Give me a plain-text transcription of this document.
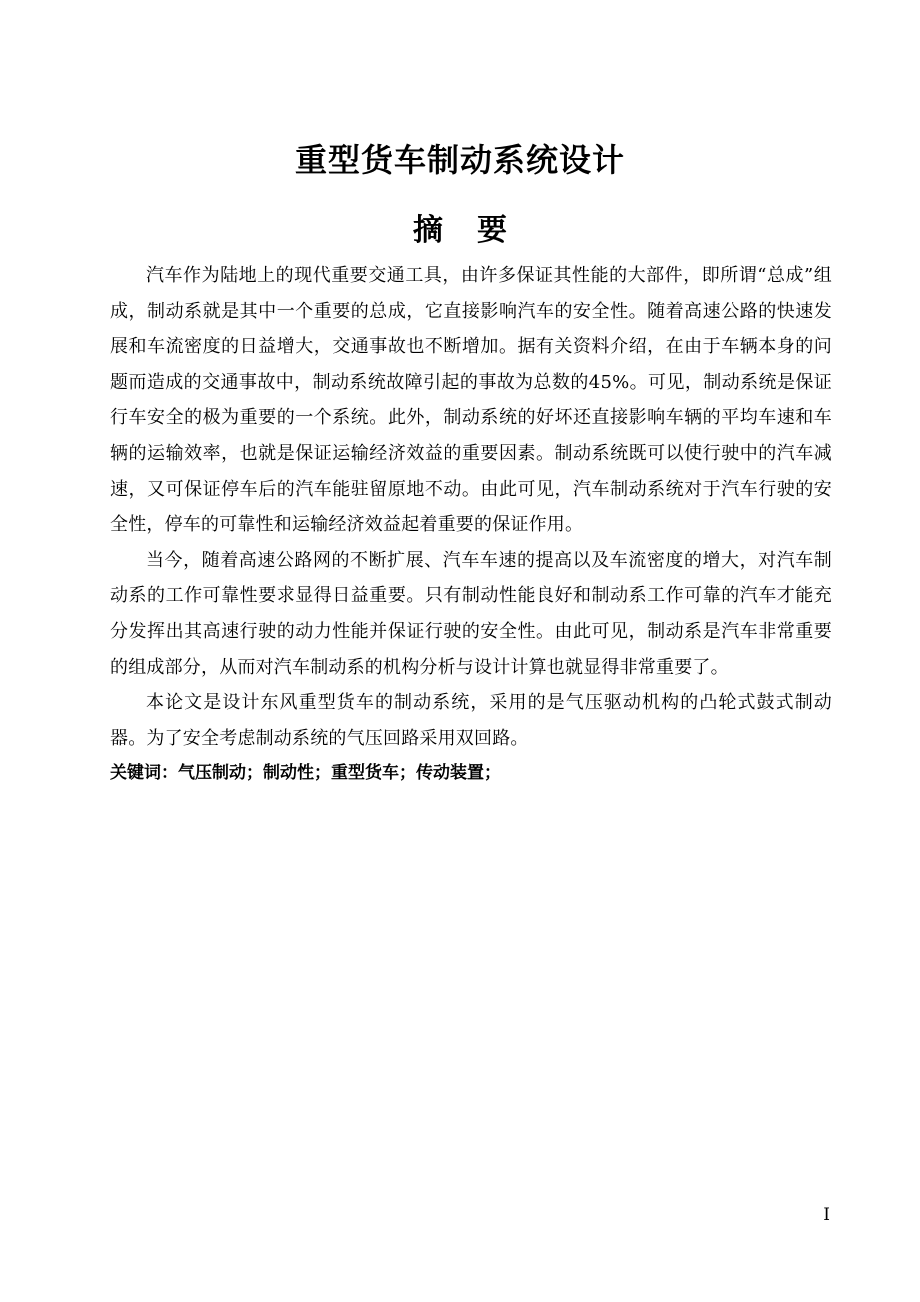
重型货车制动系统设计
摘 要

汽车作为陆地上的现代重要交通工具，由许多保证其性能的大部件，即所谓“总成”组成，制动系就是其中一个重要的总成，它直接影响汽车的安全性。随着高速公路的快速发展和车流密度的日益增大，交通事故也不断增加。据有关资料介绍，在由于车辆本身的问题而造成的交通事故中，制动系统故障引起的事故为总数的45%。可见，制动系统是保证行车安全的极为重要的一个系统。此外，制动系统的好坏还直接影响车辆的平均车速和车辆的运输效率，也就是保证运输经济效益的重要因素。制动系统既可以使行驶中的汽车减速，又可保证停车后的汽车能驻留原地不动。由此可见，汽车制动系统对于汽车行驶的安全性，停车的可靠性和运输经济效益起着重要的保证作用。

当今，随着高速公路网的不断扩展、汽车车速的提高以及车流密度的增大，对汽车制动系的工作可靠性要求显得日益重要。只有制动性能良好和制动系工作可靠的汽车才能充分发挥出其高速行驶的动力性能并保证行驶的安全性。由此可见，制动系是汽车非常重要的组成部分，从而对汽车制动系的机构分析与设计计算也就显得非常重要了。

本论文是设计东风重型货车的制动系统，采用的是气压驱动机构的凸轮式鼓式制动器。为了安全考虑制动系统的气压回路采用双回路。

关键词：气压制动；制动性；重型货车；传动装置；

I
